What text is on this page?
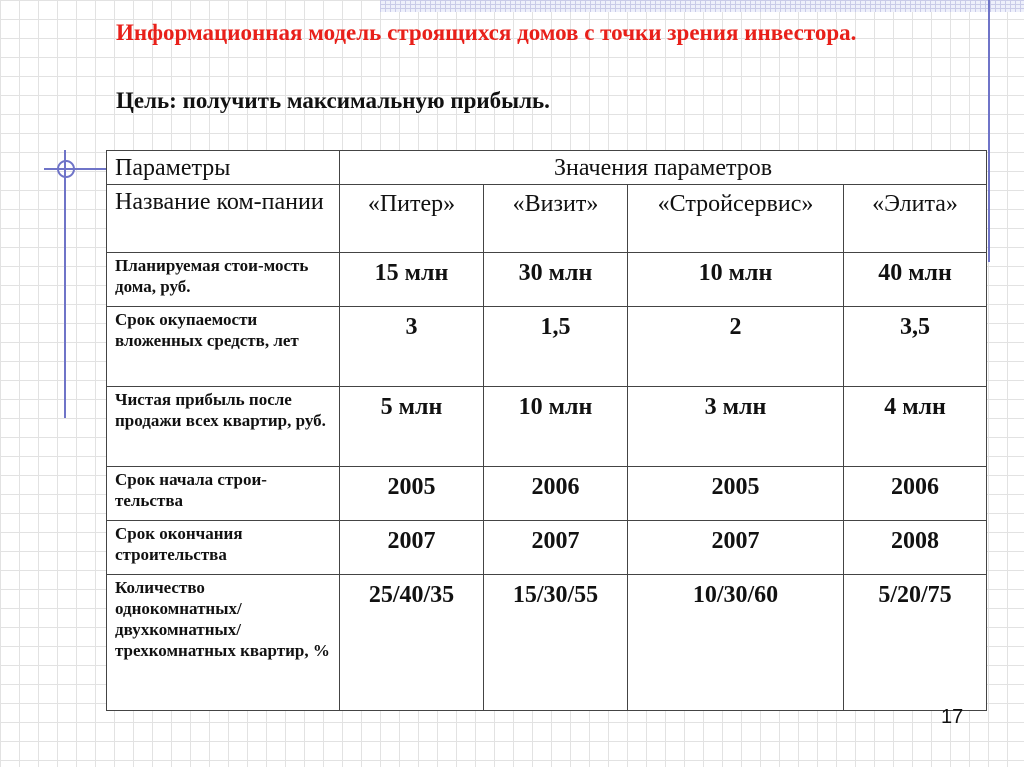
Информационная модель строящихся домов с точки зрения инвестора.
Цель: получить максимальную прибыль.
Параметры	Значения параметров			
Название ком-пании	«Питер»	«Визит»	«Стройсервис»	«Элита»
Планируемая стои-мость дома, руб.	15 млн	30 млн	10 млн	40 млн
Срок окупаемости вложенных средств, лет	3	1,5	2	3,5
Чистая прибыль после продажи всех квартир, руб.	5 млн	10 млн	3 млн	4 млн
Срок начала строи-тельства	2005	2006	2005	2006
Срок окончания строительства	2007	2007	2007	2008
Количество однокомнатных/ двухкомнатных/ трехкомнатных квартир, %	25/40/35	15/30/55	10/30/60	5/20/75
17
